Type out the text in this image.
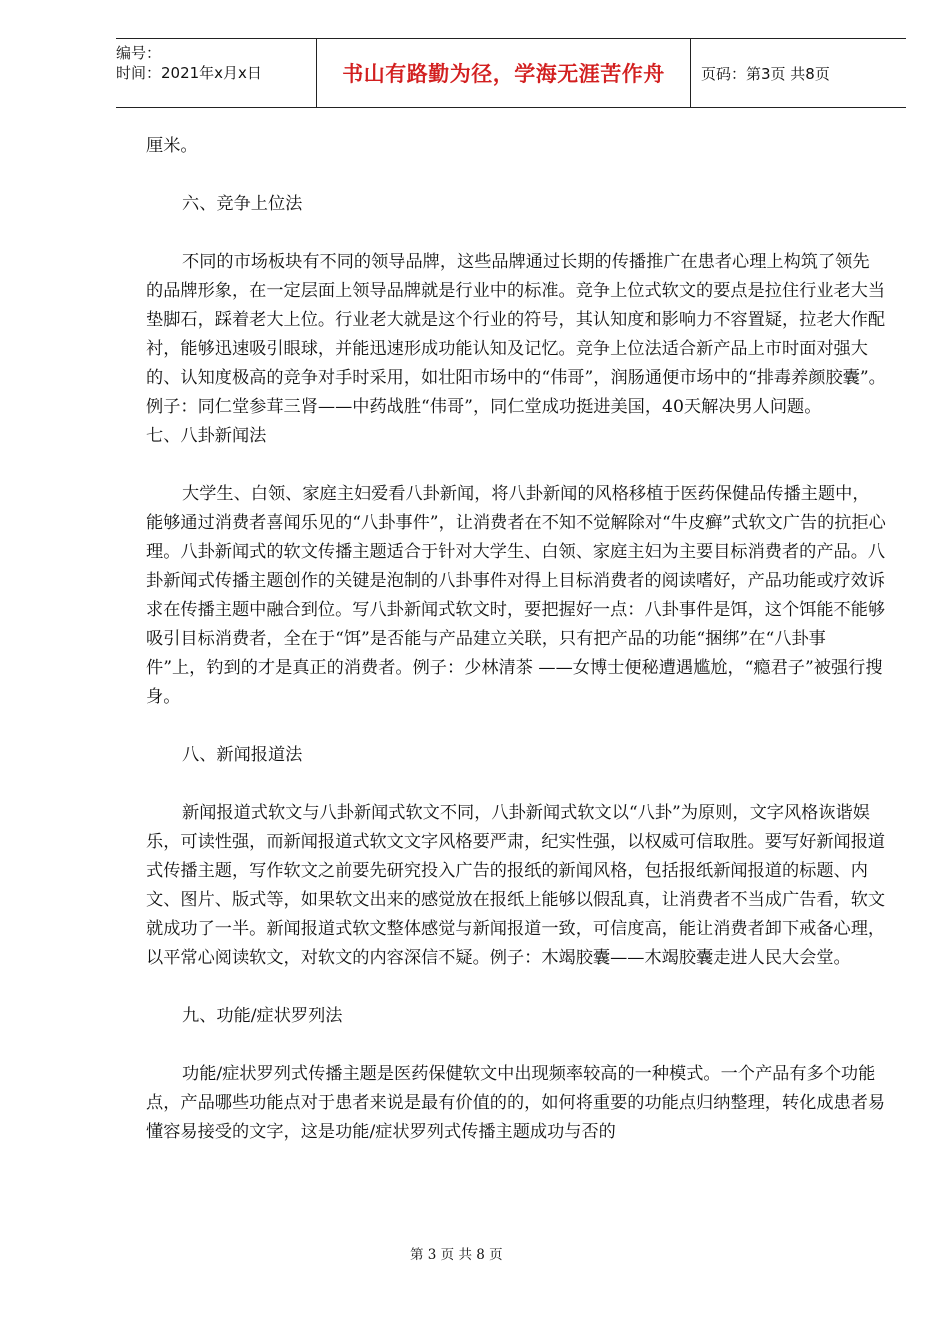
编号：
时间：2021年x月x日	书山有路勤为径，学海无涯苦作舟	页码：第3页 共8页

厘米。

六、竞争上位法

不同的市场板块有不同的领导品牌，这些品牌通过长期的传播推广在患者心理上构筑了领先的品牌形象，在一定层面上领导品牌就是行业中的标准。竞争上位式软文的要点是拉住行业老大当垫脚石，踩着老大上位。行业老大就是这个行业的符号，其认知度和影响力不容置疑，拉老大作配衬，能够迅速吸引眼球，并能迅速形成功能认知及记忆。竞争上位法适合新产品上市时面对强大的、认知度极高的竞争对手时采用，如壮阳市场中的“伟哥”，润肠通便市场中的“排毒养颜胶囊”。例子：同仁堂参茸三肾——中药战胜“伟哥”，同仁堂成功挺进美国，40天解决男人问题。

七、八卦新闻法

大学生、白领、家庭主妇爱看八卦新闻，将八卦新闻的风格移植于医药保健品传播主题中，能够通过消费者喜闻乐见的“八卦事件”，让消费者在不知不觉解除对“牛皮癣”式软文广告的抗拒心理。八卦新闻式的软文传播主题适合于针对大学生、白领、家庭主妇为主要目标消费者的产品。八卦新闻式传播主题创作的关键是泡制的八卦事件对得上目标消费者的阅读嗜好，产品功能或疗效诉求在传播主题中融合到位。写八卦新闻式软文时，要把握好一点：八卦事件是饵，这个饵能不能够吸引目标消费者，全在于“饵”是否能与产品建立关联，只有把产品的功能“捆绑”在“八卦事件”上，钓到的才是真正的消费者。例子：少林清茶 ——女博士便秘遭遇尴尬，“瘾君子”被强行搜身。

八、新闻报道法

新闻报道式软文与八卦新闻式软文不同，八卦新闻式软文以“八卦”为原则，文字风格诙谐娱乐，可读性强，而新闻报道式软文文字风格要严肃，纪实性强，以权威可信取胜。要写好新闻报道式传播主题，写作软文之前要先研究投入广告的报纸的新闻风格，包括报纸新闻报道的标题、内文、图片、版式等，如果软文出来的感觉放在报纸上能够以假乱真，让消费者不当成广告看，软文就成功了一半。新闻报道式软文整体感觉与新闻报道一致，可信度高，能让消费者卸下戒备心理，以平常心阅读软文，对软文的内容深信不疑。例子：木竭胶囊——木竭胶囊走进人民大会堂。

九、功能/症状罗列法

功能/症状罗列式传播主题是医药保健软文中出现频率较高的一种模式。一个产品有多个功能点，产品哪些功能点对于患者来说是最有价值的的，如何将重要的功能点归纳整理，转化成患者易懂容易接受的文字，这是功能/症状罗列式传播主题成功与否的

第 3 页 共 8 页
